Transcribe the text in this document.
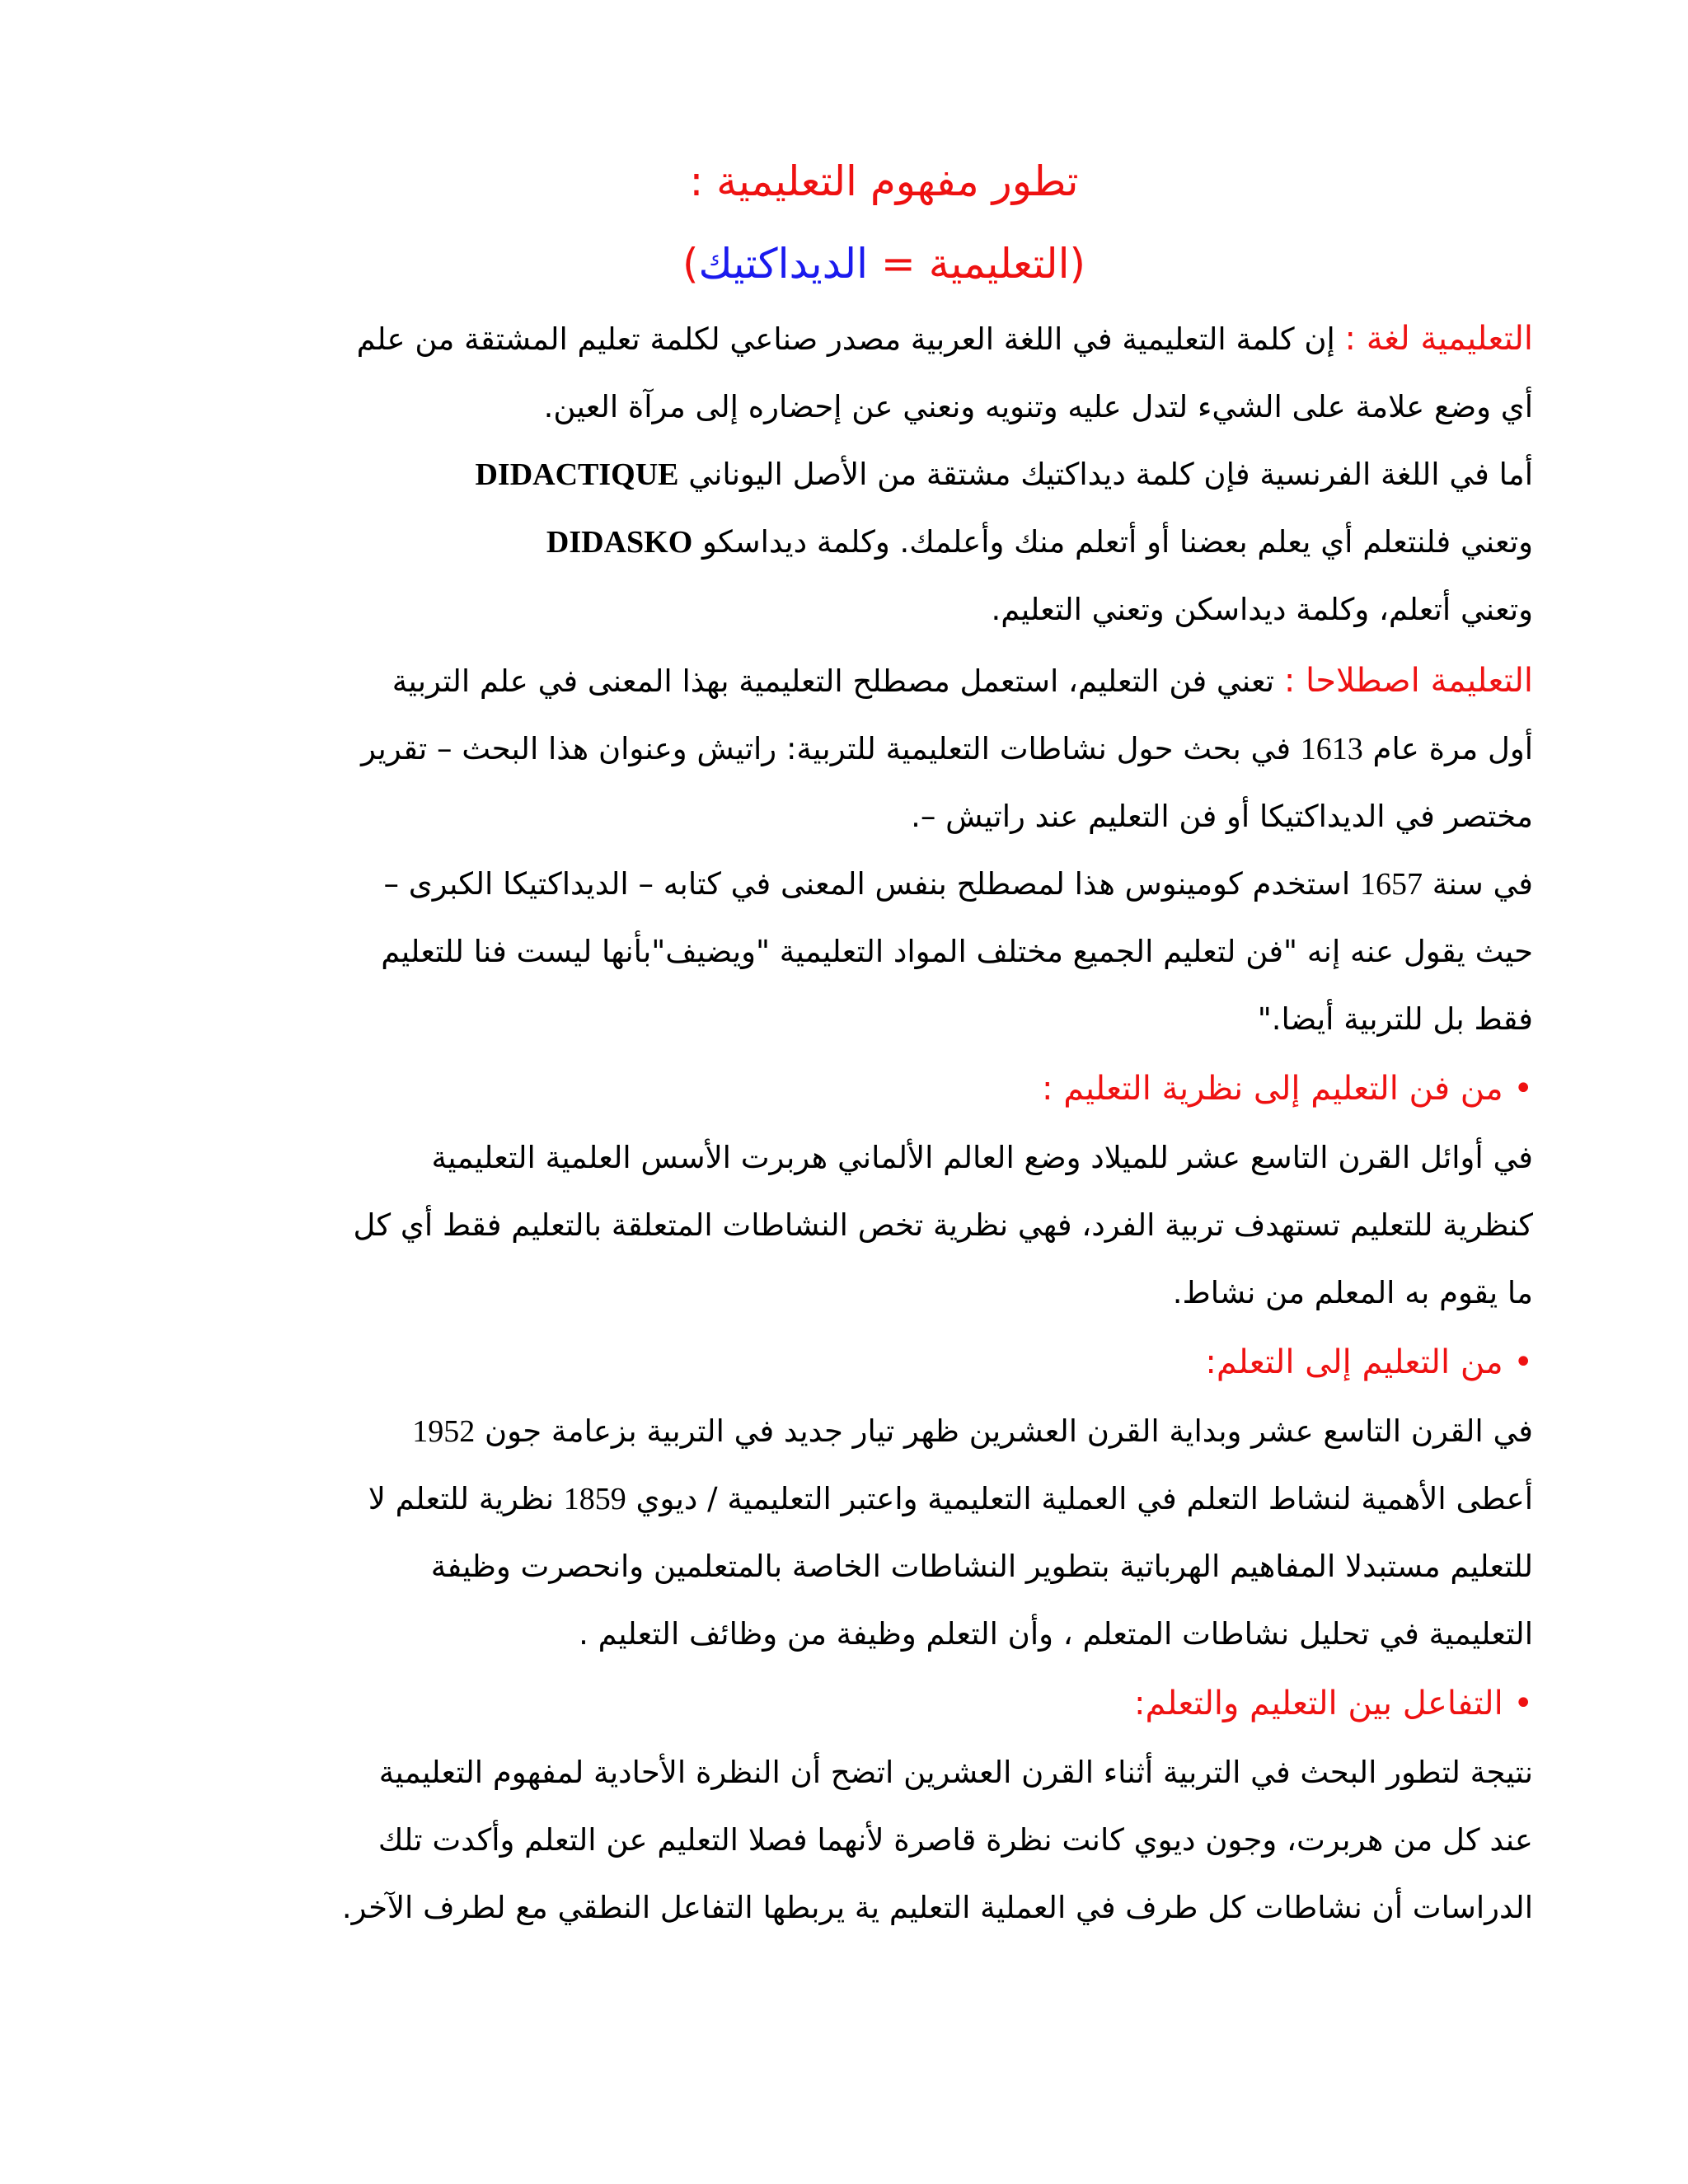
تطور مفهوم التعليمية :
(التعليمية = الديداكتيك)
التعليمية لغة : إن كلمة التعليمية في اللغة العربية مصدر صناعي لكلمة تعليم المشتقة من علم
أي وضع علامة على الشيء لتدل عليه وتنويه ونعني عن إحضاره إلى مرآة العين.
أما في اللغة الفرنسية فإن كلمة ديداكتيك مشتقة من الأصل اليوناني DIDACTIQUE
وتعني فلنتعلم أي يعلم بعضنا أو أتعلم منك وأعلمك. وكلمة ديداسكو DIDASKO
وتعني أتعلم، وكلمة ديداسكن وتعني التعليم.
التعليمة اصطلاحا : تعني فن التعليم، استعمل مصطلح التعليمية بهذا المعنى في علم التربية
أول مرة عام 1613 في بحث حول نشاطات التعليمية للتربية: راتيش وعنوان هذا البحث – تقرير
مختصر في الديداكتيكا أو فن التعليم عند راتيش –.
في سنة 1657 استخدم كومينوس هذا لمصطلح بنفس المعنى في كتابه – الديداكتيكا الكبرى –
حيث يقول عنه إنه "فن لتعليم الجميع مختلف المواد التعليمية "ويضيف"بأنها ليست فنا للتعليم
فقط بل للتربية أيضا."
• من فن التعليم إلى نظرية التعليم :
في أوائل القرن التاسع عشر للميلاد وضع العالم الألماني هربرت الأسس العلمية التعليمية
كنظرية للتعليم تستهدف تربية الفرد، فهي نظرية تخص النشاطات المتعلقة بالتعليم فقط أي كل
ما يقوم به المعلم من نشاط.
• من التعليم إلى التعلم:
في القرن التاسع عشر وبداية القرن العشرين ظهر تيار جديد في التربية بزعامة جون 1952
أعطى الأهمية لنشاط التعلم في العملية التعليمية واعتبر التعليمية / ديوي 1859 نظرية للتعلم لا
للتعليم مستبدلا المفاهيم الهرباتية بتطوير النشاطات الخاصة بالمتعلمين وانحصرت وظيفة
التعليمية في تحليل نشاطات المتعلم ، وأن التعلم وظيفة من وظائف التعليم .
• التفاعل بين التعليم والتعلم:
نتيجة لتطور البحث في التربية أثناء القرن العشرين اتضح أن النظرة الأحادية لمفهوم التعليمية
عند كل من هربرت، وجون ديوي كانت نظرة قاصرة لأنهما فصلا التعليم عن التعلم وأكدت تلك
الدراسات أن نشاطات كل طرف في العملية التعليم ية يربطها التفاعل النطقي مع لطرف الآخر.
